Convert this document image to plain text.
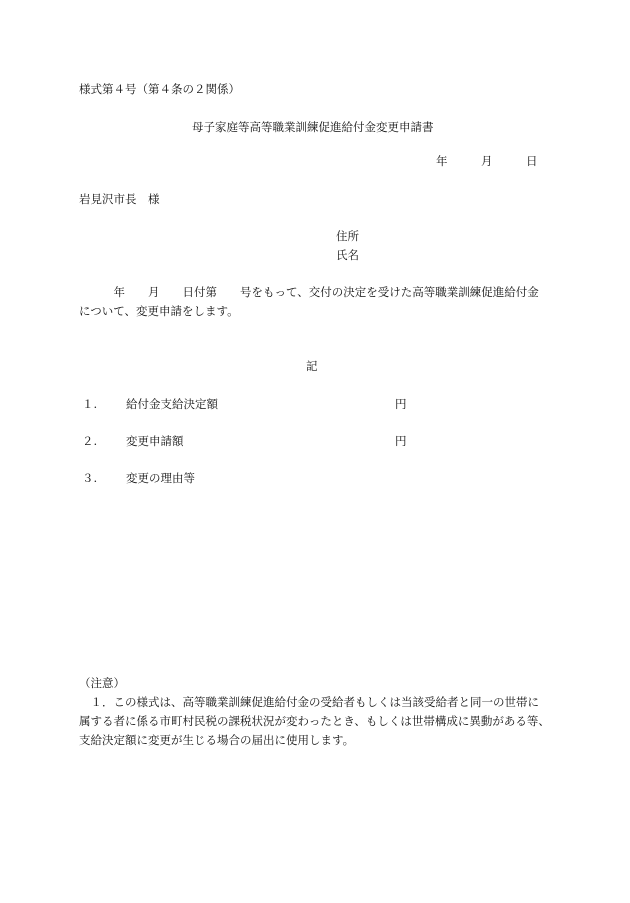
様式第４号（第４条の２関係）
母子家庭等高等職業訓練促進給付金変更申請書
年	月	日
岩見沢市長　様
住所
氏名
　　　年　　月　　日付第　　号をもって、交付の決定を受けた高等職業訓練促進給付金
について、変更申請をします。
記
１.	給付金支給決定額	円
２.	変更申請額	円
３.	変更の理由等
（注意）
　１．この様式は、高等職業訓練促進給付金の受給者もしくは当該受給者と同一の世帯に
属する者に係る市町村民税の課税状況が変わったとき、もしくは世帯構成に異動がある等、
支給決定額に変更が生じる場合の届出に使用します。
